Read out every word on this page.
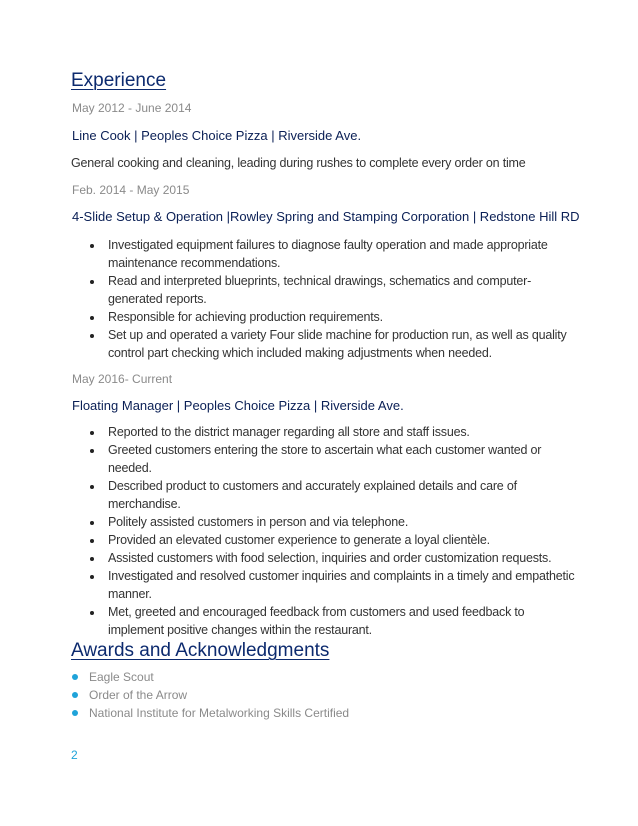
Experience
May 2012 - June 2014
Line Cook | Peoples Choice Pizza | Riverside Ave.
General cooking and cleaning, leading during rushes to complete every order on time
Feb. 2014 - May 2015
4-Slide Setup & Operation |Rowley Spring and Stamping Corporation | Redstone Hill RD
Investigated equipment failures to diagnose faulty operation and made appropriate maintenance recommendations.
Read and interpreted blueprints, technical drawings, schematics and computer-generated reports.
Responsible for achieving production requirements.
Set up and operated a variety Four slide machine for production run, as well as quality control part checking which included making adjustments when needed.
May 2016- Current
Floating Manager | Peoples Choice Pizza | Riverside Ave.
Reported to the district manager regarding all store and staff issues.
Greeted customers entering the store to ascertain what each customer wanted or needed.
Described product to customers and accurately explained details and care of merchandise.
Politely assisted customers in person and via telephone.
Provided an elevated customer experience to generate a loyal clientèle.
Assisted customers with food selection, inquiries and order customization requests.
Investigated and resolved customer inquiries and complaints in a timely and empathetic manner.
Met, greeted and encouraged feedback from customers and used feedback to implement positive changes within the restaurant.
Awards and Acknowledgments
Eagle Scout
Order of the Arrow
National Institute for Metalworking Skills Certified
2
